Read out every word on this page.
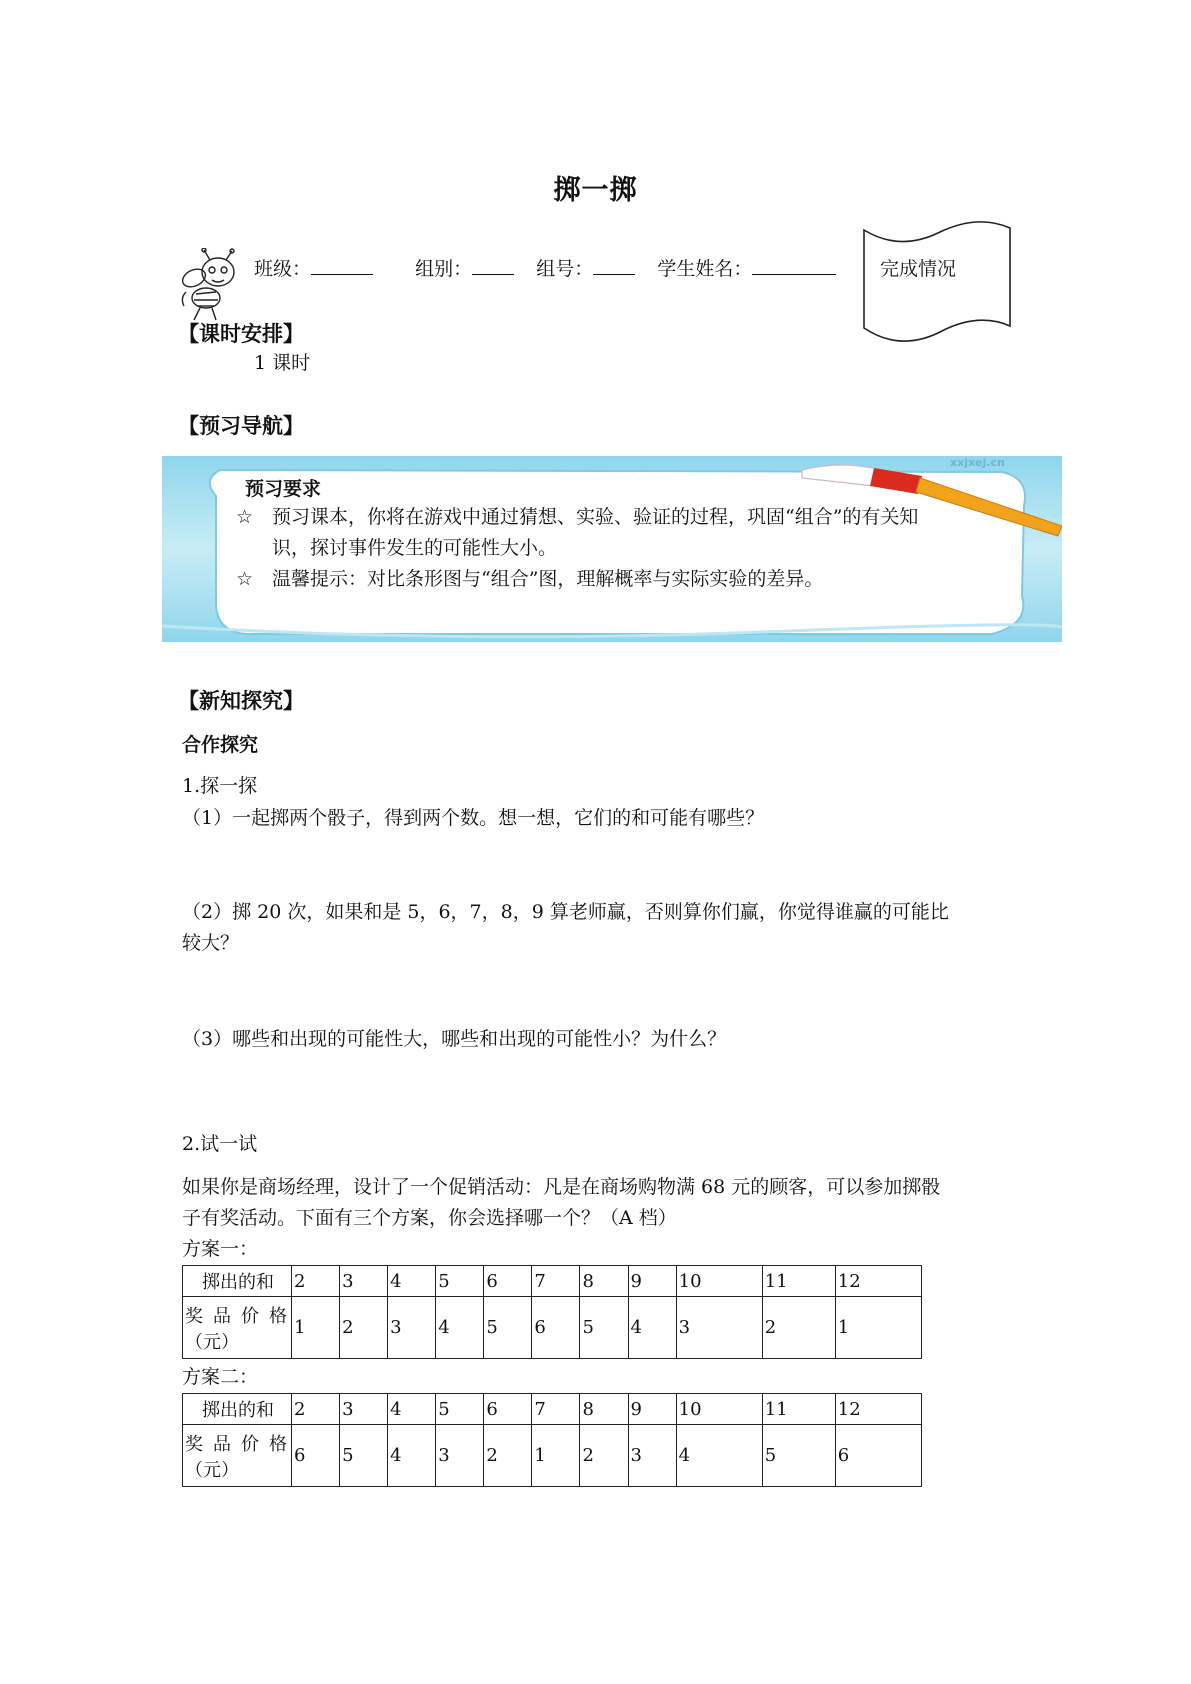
掷一掷
班级：	组别：	组号：	学生姓名：	完成情况
【课时安排】
1 课时
【预习导航】
xxjxej.cn
预习要求
☆ 预习课本，你将在游戏中通过猜想、实验、验证的过程，巩固“组合”的有关知
识，探讨事件发生的可能性大小。
☆ 温馨提示：对比条形图与“组合”图，理解概率与实际实验的差异。
【新知探究】
合作探究
1.探一探
（1）一起掷两个骰子，得到两个数。想一想，它们的和可能有哪些？
（2）掷 20 次，如果和是 5，6，7，8，9 算老师赢，否则算你们赢，你觉得谁赢的可能比
较大？
（3）哪些和出现的可能性大，哪些和出现的可能性小？为什么？
2.试一试
如果你是商场经理，设计了一个促销活动：凡是在商场购物满 68 元的顾客，可以参加掷骰
子有奖活动。下面有三个方案，你会选择哪一个？（A 档）
方案一：
掷出的和	2	3	4	5	6	7	8	9	10	11	12

奖品价格
（元）	1	2	3	4	5	6	5	4	3	2	1
方案二：
掷出的和	2	3	4	5	6	7	8	9	10	11	12

奖品价格
（元）	6	5	4	3	2	1	2	3	4	5	6
